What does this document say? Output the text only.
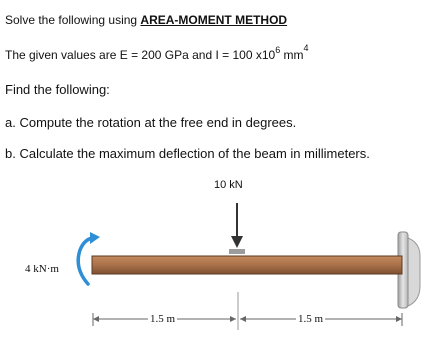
Solve the following using AREA-MOMENT METHOD
The given values are E = 200 GPa and I = 100 $x10^6$ $mm^4$
Find the following:
a. Compute the rotation at the free end in degrees.
b. Calculate the maximum deflection of the beam in millimeters.
10 kN
4 kN·m
1.5 m	1.5 m
